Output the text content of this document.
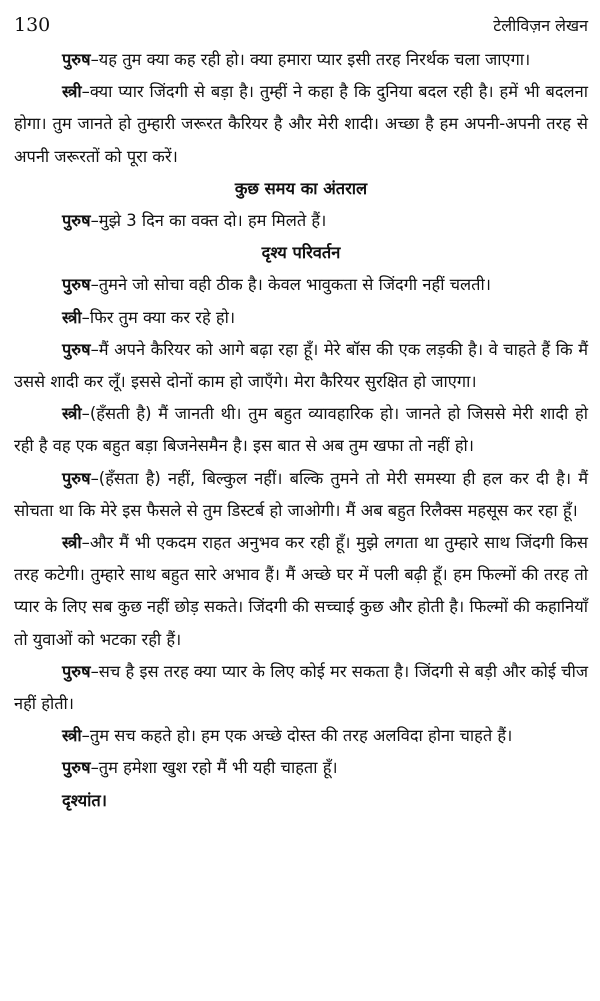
130	टेलीविज़न लेखन

पुरुष–यह तुम क्या कह रही हो। क्या हमारा प्यार इसी तरह निरर्थक चला जाएगा।

स्त्री–क्या प्यार जिंदगी से बड़ा है। तुम्हीं ने कहा है कि दुनिया बदल रही है। हमें भी बदलना होगा। तुम जानते हो तुम्हारी जरूरत कैरियर है और मेरी शादी। अच्छा है हम अपनी-अपनी तरह से अपनी जरूरतों को पूरा करें।

कुछ समय का अंतराल

पुरुष–मुझे 3 दिन का वक्त दो। हम मिलते हैं।

दृश्य परिवर्तन

पुरुष–तुमने जो सोचा वही ठीक है। केवल भावुकता से जिंदगी नहीं चलती।

स्त्री–फिर तुम क्या कर रहे हो।

पुरुष–मैं अपने कैरियर को आगे बढ़ा रहा हूँ। मेरे बॉस की एक लड़की है। वे चाहते हैं कि मैं उससे शादी कर लूँ। इससे दोनों काम हो जाएँगे। मेरा कैरियर सुरक्षित हो जाएगा।

स्त्री–(हँसती है) मैं जानती थी। तुम बहुत व्यावहारिक हो। जानते हो जिससे मेरी शादी हो रही है वह एक बहुत बड़ा बिजनेसमैन है। इस बात से अब तुम खफा तो नहीं हो।

पुरुष–(हँसता है) नहीं, बिल्कुल नहीं। बल्कि तुमने तो मेरी समस्या ही हल कर दी है। मैं सोचता था कि मेरे इस फैसले से तुम डिस्टर्ब हो जाओगी। मैं अब बहुत रिलैक्स महसूस कर रहा हूँ।

स्त्री–और मैं भी एकदम राहत अनुभव कर रही हूँ। मुझे लगता था तुम्हारे साथ जिंदगी किस तरह कटेगी। तुम्हारे साथ बहुत सारे अभाव हैं। मैं अच्छे घर में पली बढ़ी हूँ। हम फिल्मों की तरह तो प्यार के लिए सब कुछ नहीं छोड़ सकते। जिंदगी की सच्चाई कुछ और होती है। फिल्मों की कहानियाँ तो युवाओं को भटका रही हैं।

पुरुष–सच है इस तरह क्या प्यार के लिए कोई मर सकता है। जिंदगी से बड़ी और कोई चीज नहीं होती।

स्त्री–तुम सच कहते हो। हम एक अच्छे दोस्त की तरह अलविदा होना चाहते हैं।

पुरुष–तुम हमेशा खुश रहो मैं भी यही चाहता हूँ।

दृश्यांत।
